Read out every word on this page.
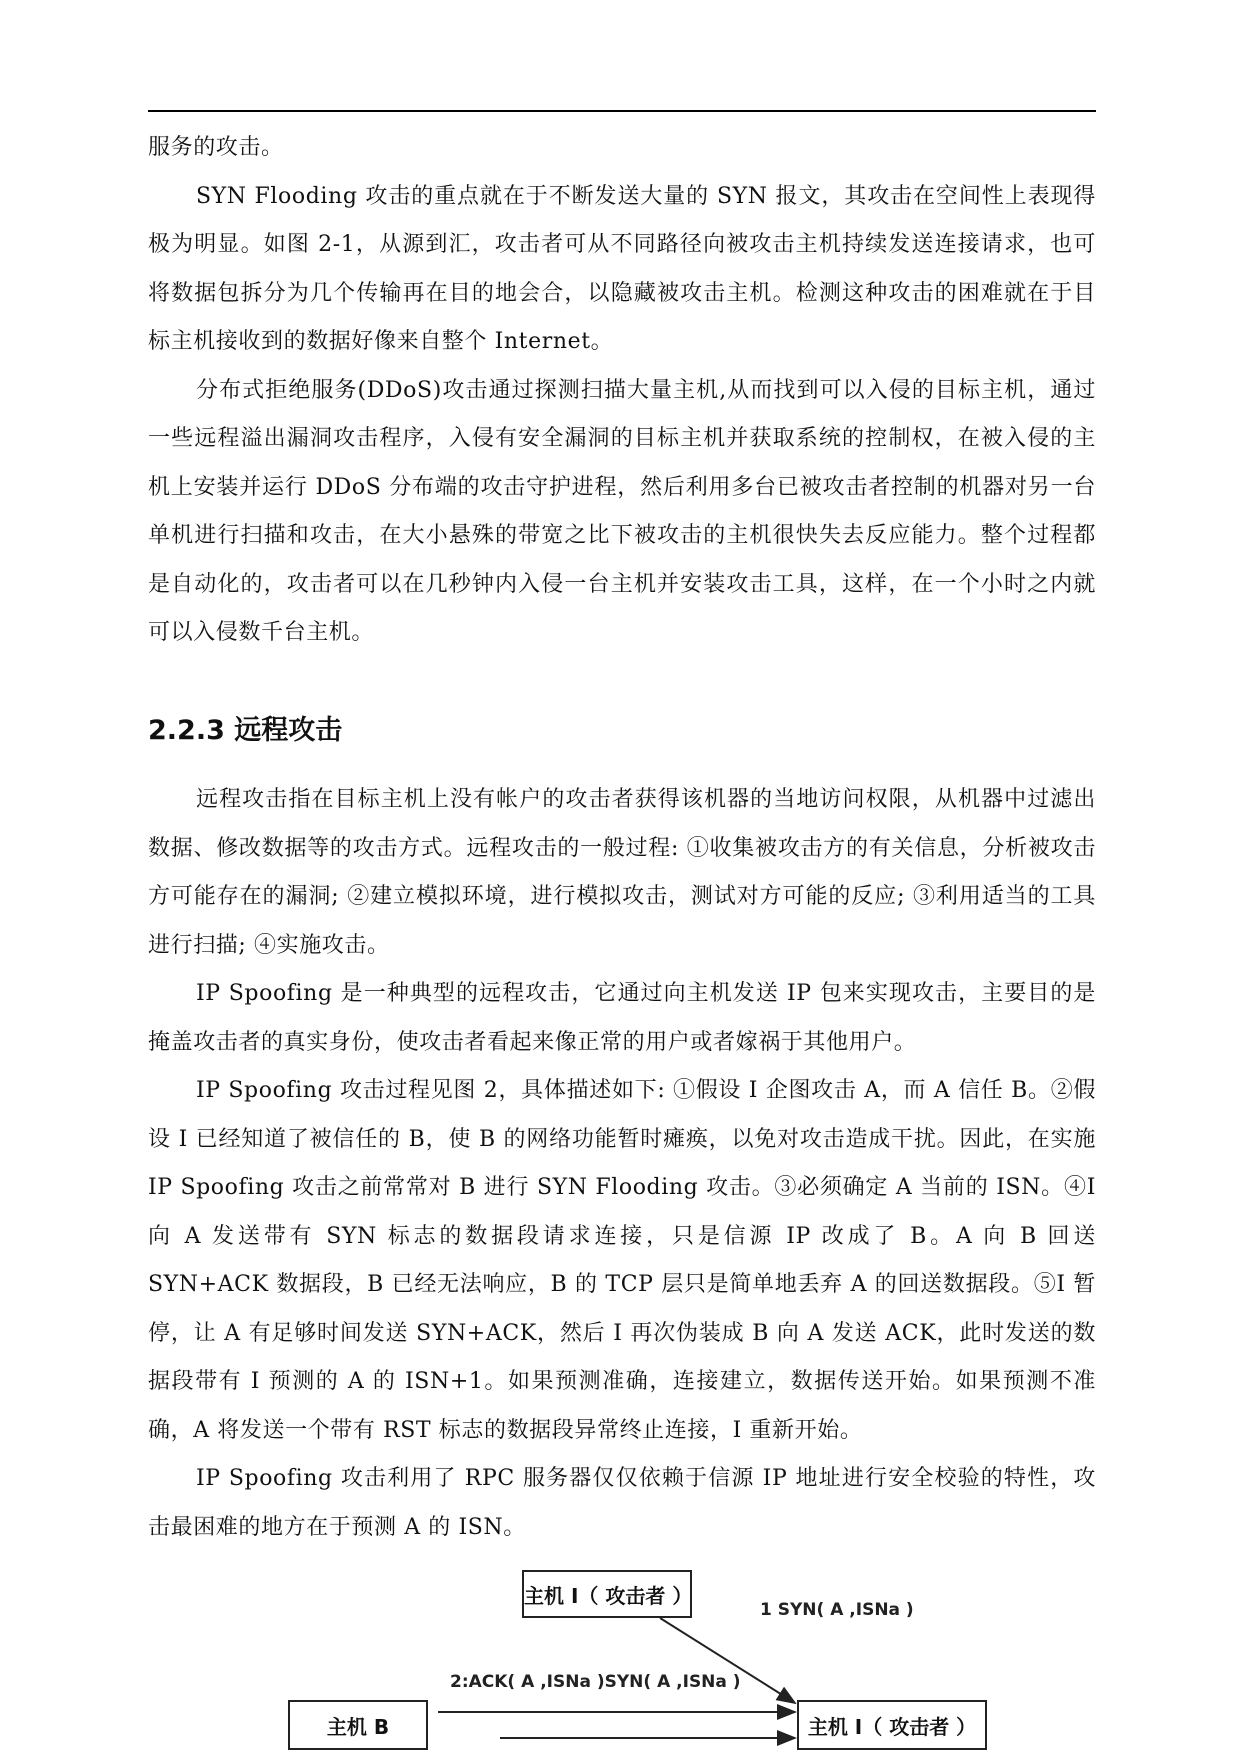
服务的攻击。

SYN Flooding 攻击的重点就在于不断发送大量的 SYN 报文，其攻击在空间性上表现得极为明显。如图 2-1，从源到汇，攻击者可从不同路径向被攻击主机持续发送连接请求，也可将数据包拆分为几个传输再在目的地会合，以隐藏被攻击主机。检测这种攻击的困难就在于目标主机接收到的数据好像来自整个 Internet。

分布式拒绝服务(DDoS)攻击通过探测扫描大量主机,从而找到可以入侵的目标主机，通过一些远程溢出漏洞攻击程序，入侵有安全漏洞的目标主机并获取系统的控制权，在被入侵的主机上安装并运行 DDoS 分布端的攻击守护进程，然后利用多台已被攻击者控制的机器对另一台单机进行扫描和攻击，在大小悬殊的带宽之比下被攻击的主机很快失去反应能力。整个过程都是自动化的，攻击者可以在几秒钟内入侵一台主机并安装攻击工具，这样，在一个小时之内就可以入侵数千台主机。

2.2.3 远程攻击

远程攻击指在目标主机上没有帐户的攻击者获得该机器的当地访问权限，从机器中过滤出数据、修改数据等的攻击方式。远程攻击的一般过程: ①收集被攻击方的有关信息，分析被攻击方可能存在的漏洞; ②建立模拟环境，进行模拟攻击，测试对方可能的反应; ③利用适当的工具进行扫描; ④实施攻击。

IP Spoofing 是一种典型的远程攻击，它通过向主机发送 IP 包来实现攻击，主要目的是掩盖攻击者的真实身份，使攻击者看起来像正常的用户或者嫁祸于其他用户。

IP Spoofing 攻击过程见图 2，具体描述如下: ①假设 I 企图攻击 A，而 A 信任 B。②假设 I 已经知道了被信任的 B，使 B 的网络功能暂时瘫痪，以免对攻击造成干扰。因此，在实施 IP Spoofing 攻击之前常常对 B 进行 SYN Flooding 攻击。③必须确定 A 当前的 ISN。④I 向 A 发送带有 SYN 标志的数据段请求连接，只是信源 IP 改成了 B。A 向 B 回送 SYN+ACK 数据段，B 已经无法响应，B 的 TCP 层只是简单地丢弃 A 的回送数据段。⑤I 暂停，让 A 有足够时间发送 SYN+ACK，然后 I 再次伪装成 B 向 A 发送 ACK，此时发送的数据段带有 I 预测的 A 的 ISN+1。如果预测准确，连接建立，数据传送开始。如果预测不准确，A 将发送一个带有 RST 标志的数据段异常终止连接，I 重新开始。

IP Spoofing 攻击利用了 RPC 服务器仅仅依赖于信源 IP 地址进行安全校验的特性，攻击最困难的地方在于预测 A 的 ISN。

主机 I（ 攻击者 ）
主机 B	主机 I（ 攻击者 ）
1 SYN( A ,ISNa )
2:ACK( A ,ISNa )SYN( A ,ISNa )
